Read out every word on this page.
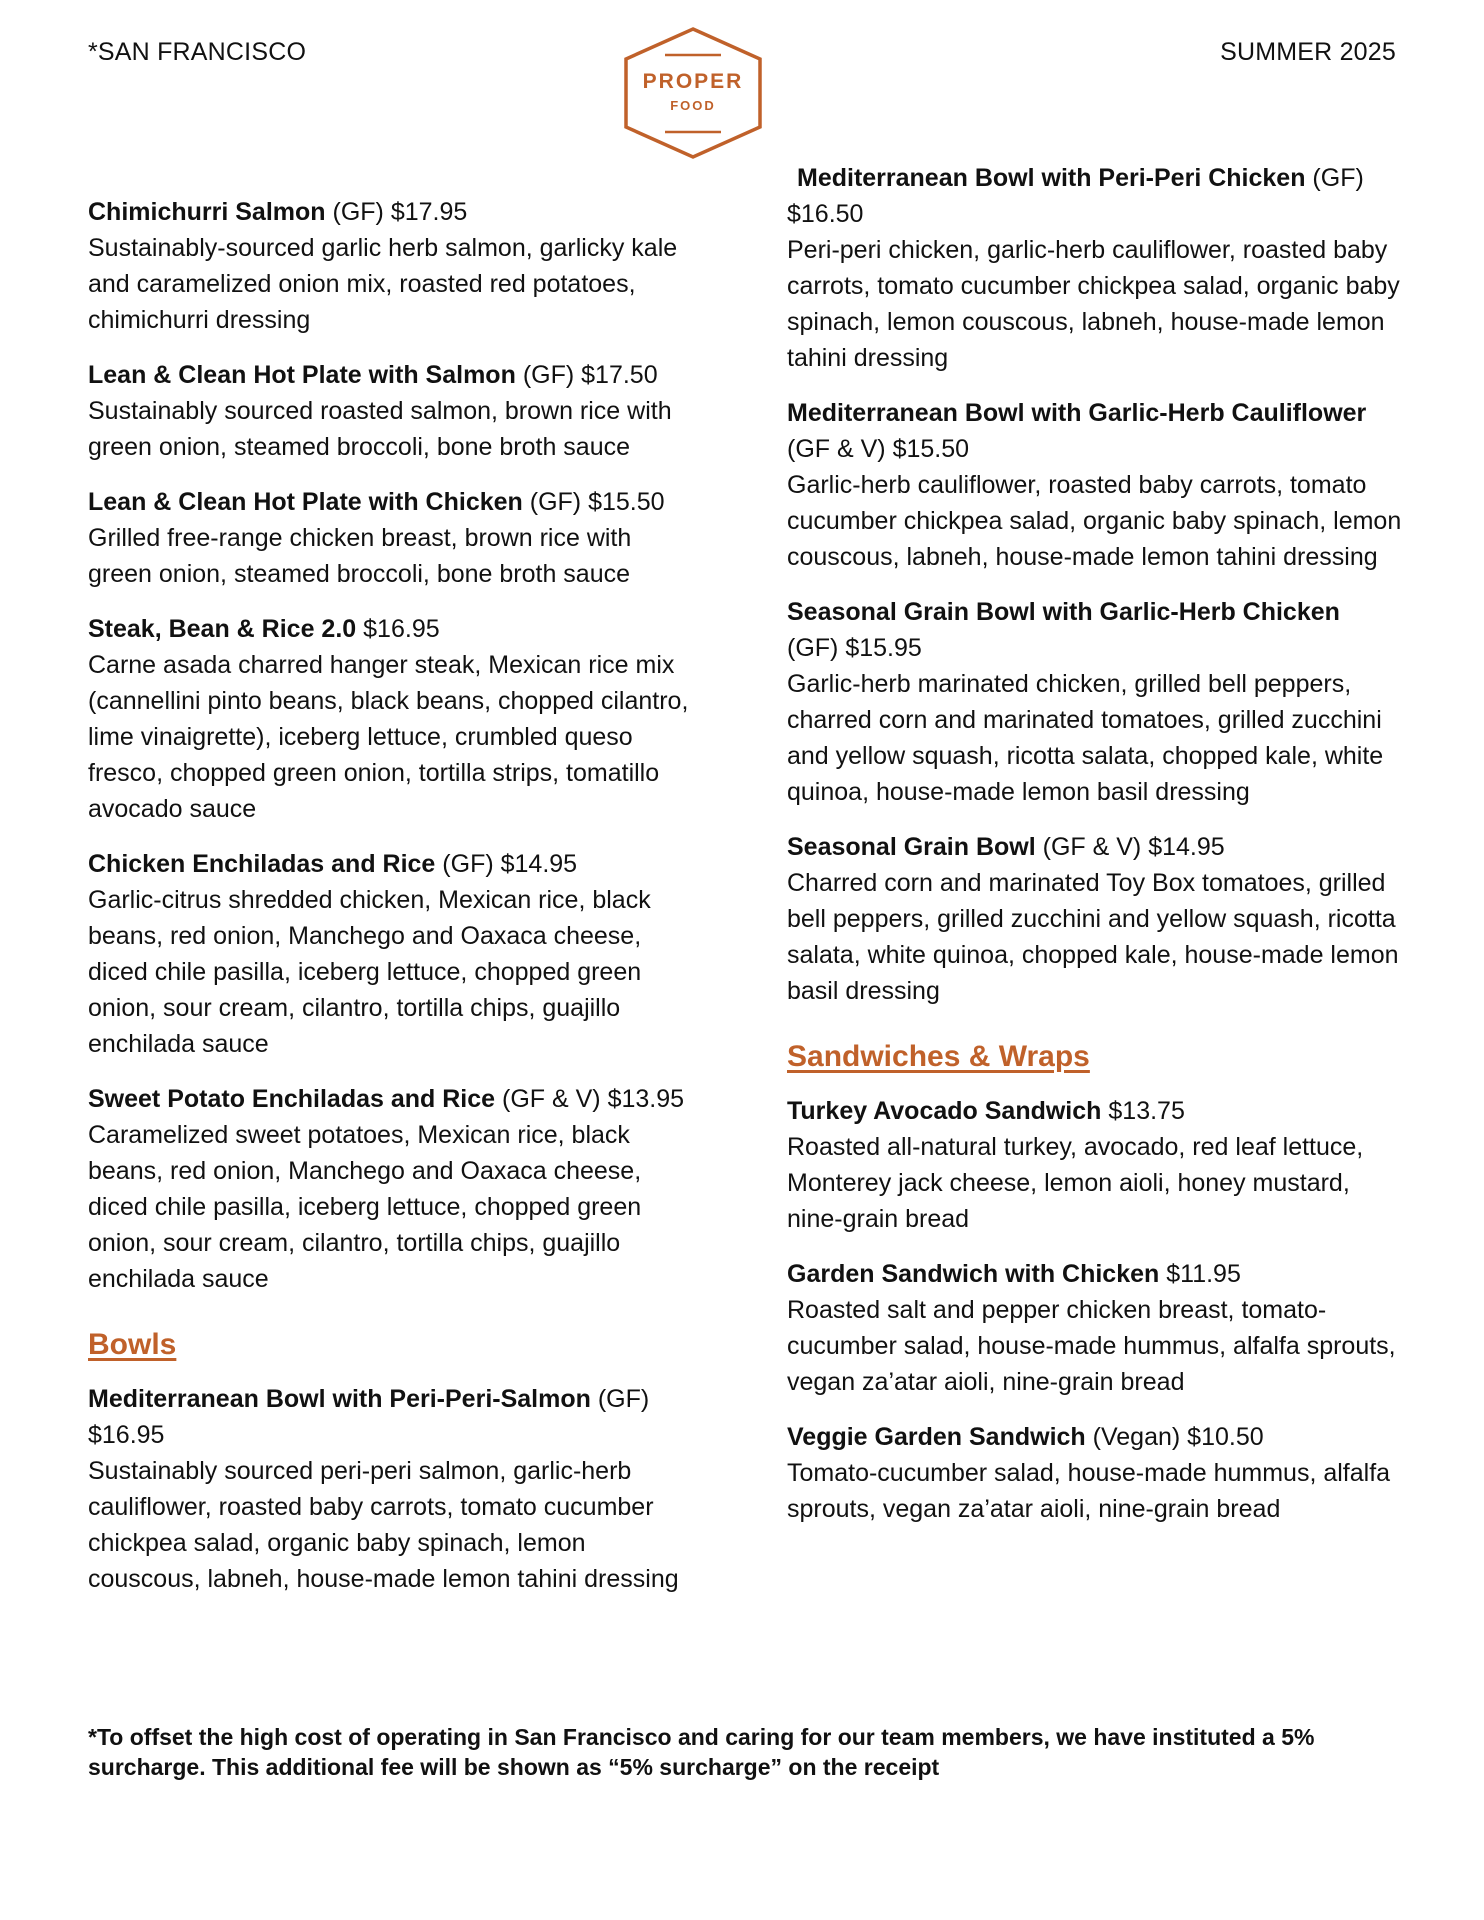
*SAN FRANCISCO	SUMMER 2025
PROPER
FOOD
Chimichurri Salmon (GF) $17.95
Sustainably-sourced garlic herb salmon, garlicky kale and caramelized onion mix, roasted red potatoes, chimichurri dressing
Lean & Clean Hot Plate with Salmon (GF) $17.50
Sustainably sourced roasted salmon, brown rice with green onion, steamed broccoli, bone broth sauce
Lean & Clean Hot Plate with Chicken (GF) $15.50
Grilled free-range chicken breast, brown rice with green onion, steamed broccoli, bone broth sauce
Steak, Bean & Rice 2.0 $16.95
Carne asada charred hanger steak, Mexican rice mix (cannellini pinto beans, black beans, chopped cilantro, lime vinaigrette), iceberg lettuce, crumbled queso fresco, chopped green onion, tortilla strips, tomatillo avocado sauce
Chicken Enchiladas and Rice (GF) $14.95
Garlic-citrus shredded chicken, Mexican rice, black beans, red onion, Manchego and Oaxaca cheese, diced chile pasilla, iceberg lettuce, chopped green onion, sour cream, cilantro, tortilla chips, guajillo enchilada sauce
Sweet Potato Enchiladas and Rice (GF & V) $13.95
Caramelized sweet potatoes, Mexican rice, black beans, red onion, Manchego and Oaxaca cheese, diced chile pasilla, iceberg lettuce, chopped green onion, sour cream, cilantro, tortilla chips, guajillo enchilada sauce
Bowls
Mediterranean Bowl with Peri-Peri-Salmon (GF) $16.95
Sustainably sourced peri-peri salmon, garlic-herb cauliflower, roasted baby carrots, tomato cucumber chickpea salad, organic baby spinach, lemon couscous, labneh, house-made lemon tahini dressing
Mediterranean Bowl with Peri-Peri Chicken (GF)
$16.50
Peri-peri chicken, garlic-herb cauliflower, roasted baby carrots, tomato cucumber chickpea salad, organic baby spinach, lemon couscous, labneh, house-made lemon tahini dressing
Mediterranean Bowl with Garlic-Herb Cauliflower
(GF & V) $15.50
Garlic-herb cauliflower, roasted baby carrots, tomato cucumber chickpea salad, organic baby spinach, lemon couscous, labneh, house-made lemon tahini dressing
Seasonal Grain Bowl with Garlic-Herb Chicken
(GF) $15.95
Garlic-herb marinated chicken, grilled bell peppers, charred corn and marinated tomatoes, grilled zucchini and yellow squash, ricotta salata, chopped kale, white quinoa, house-made lemon basil dressing
Seasonal Grain Bowl (GF & V) $14.95
Charred corn and marinated Toy Box tomatoes, grilled bell peppers, grilled zucchini and yellow squash, ricotta salata, white quinoa, chopped kale, house-made lemon basil dressing
Sandwiches & Wraps
Turkey Avocado Sandwich $13.75
Roasted all-natural turkey, avocado, red leaf lettuce, Monterey jack cheese, lemon aioli, honey mustard, nine-grain bread
Garden Sandwich with Chicken $11.95
Roasted salt and pepper chicken breast, tomato-cucumber salad, house-made hummus, alfalfa sprouts, vegan za’atar aioli, nine-grain bread
Veggie Garden Sandwich (Vegan) $10.50
Tomato-cucumber salad, house-made hummus, alfalfa sprouts, vegan za’atar aioli, nine-grain bread
*To offset the high cost of operating in San Francisco and caring for our team members, we have instituted a 5% surcharge. This additional fee will be shown as “5% surcharge” on the receipt
